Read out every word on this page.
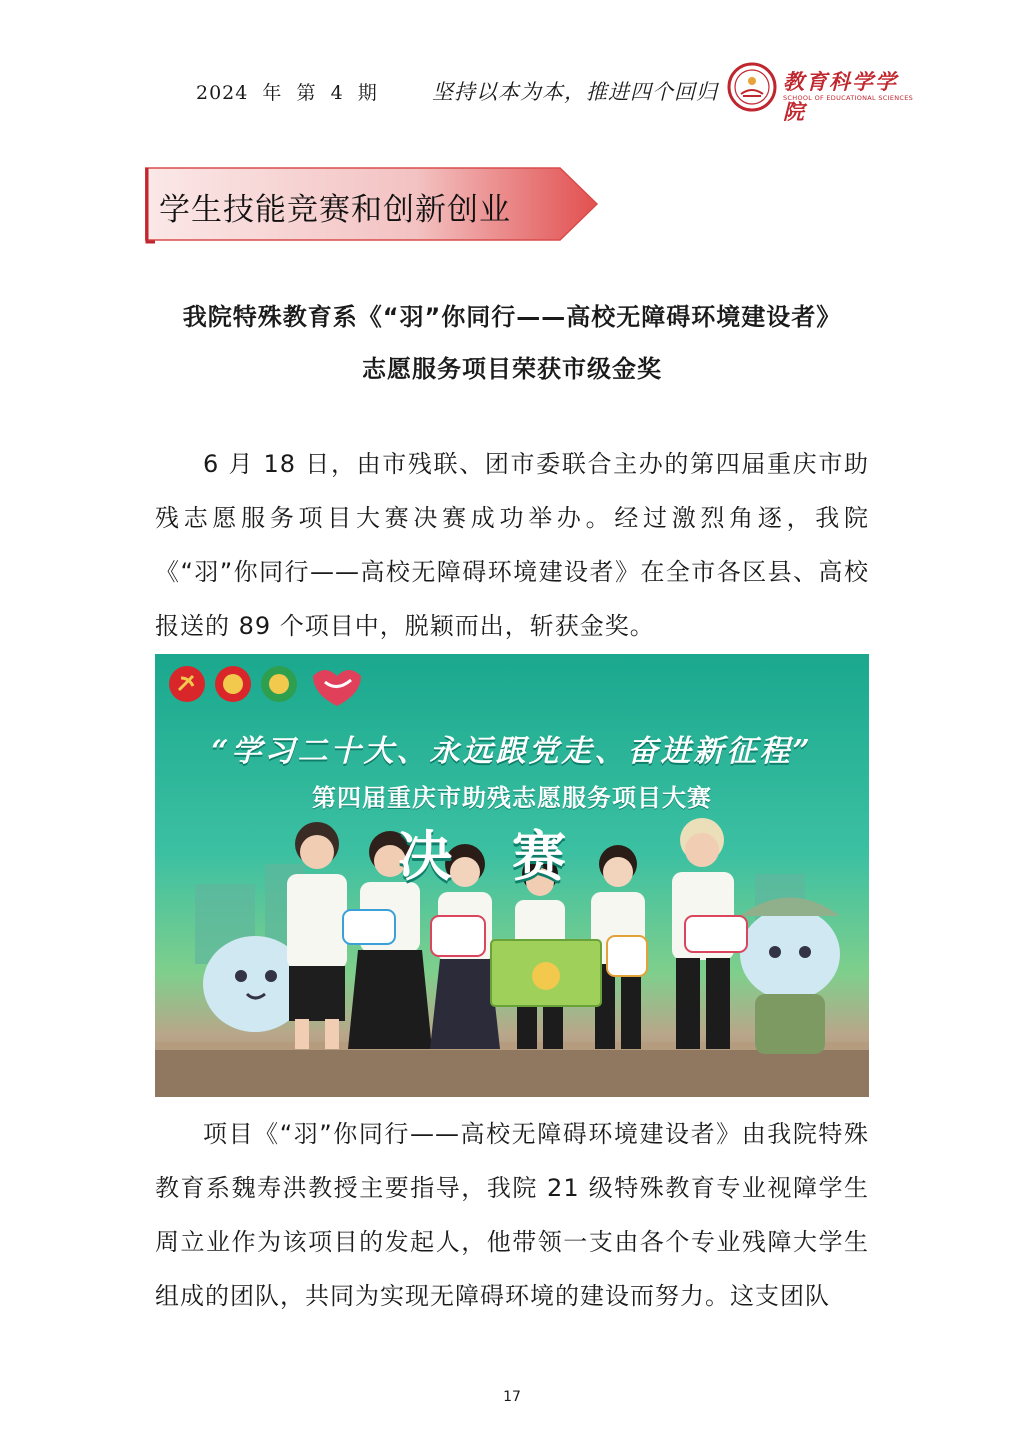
2024  年  第  4  期	坚持以本为本，推进四个回归	教育科学学院
SCHOOL OF EDUCATIONAL SCIENCES
学生技能竞赛和创新创业
我院特殊教育系《“羽”你同行——高校无障碍环境建设者》
志愿服务项目荣获市级金奖

6 月 18 日，由市残联、团市委联合主办的第四届重庆市助残志愿服务项目大赛决赛成功举办。经过激烈角逐，我院《“羽”你同行——高校无障碍环境建设者》在全市各区县、高校报送的 89 个项目中，脱颖而出，斩获金奖。

“学习二十大、永远跟党走、奋进新征程”
第四届重庆市助残志愿服务项目大赛
决赛

项目《“羽”你同行——高校无障碍环境建设者》由我院特殊教育系魏寿洪教授主要指导，我院 21 级特殊教育专业视障学生周立业作为该项目的发起人，他带领一支由各个专业残障大学生组成的团队，共同为实现无障碍环境的建设而努力。这支团队

17
